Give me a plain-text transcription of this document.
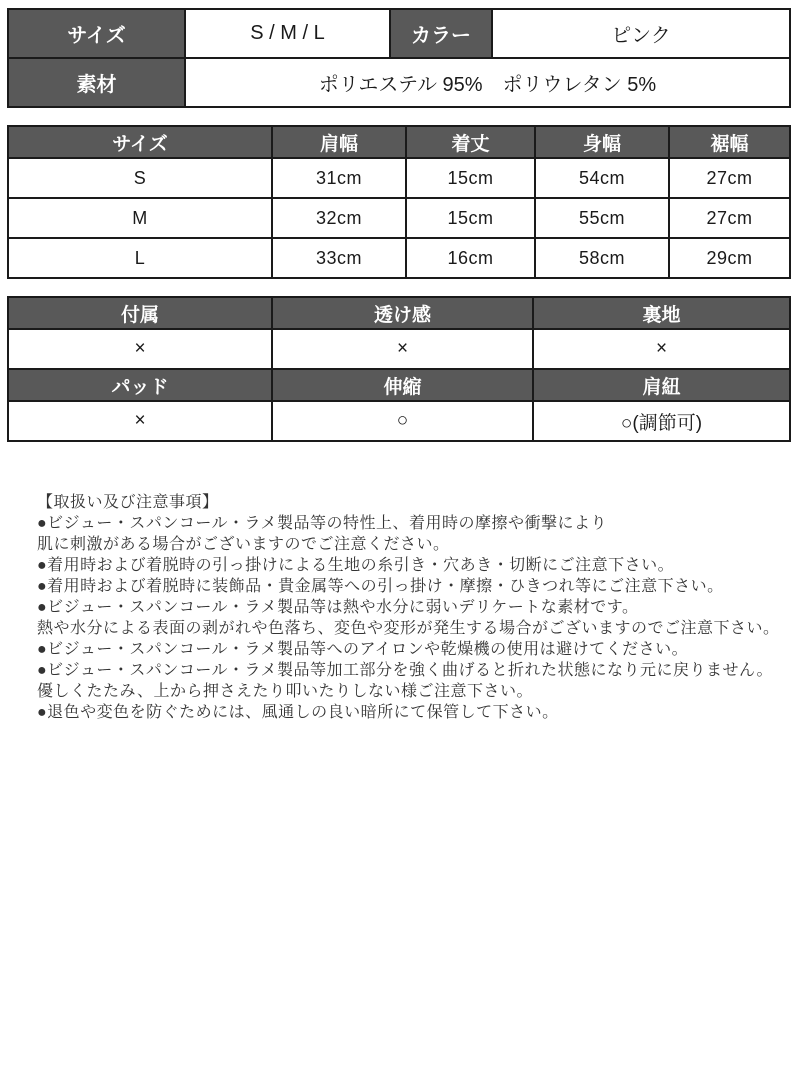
サイズ	S / M / L	カラー	ピンク
素材	ポリエステル 95%　ポリウレタン 5%		
サイズ	肩幅	着丈	身幅	裾幅
S	31cm	15cm	54cm	27cm
M	32cm	15cm	55cm	27cm
L	33cm	16cm	58cm	29cm
付属	透け感	裏地
×	×	×
パッド	伸縮	肩紐
×	○	○(調節可)
【取扱い及び注意事項】
●ビジュー・スパンコール・ラメ製品等の特性上、着用時の摩擦や衝撃により
肌に刺激がある場合がございますのでご注意ください。
●着用時および着脱時の引っ掛けによる生地の糸引き・穴あき・切断にご注意下さい。
●着用時および着脱時に装飾品・貴金属等への引っ掛け・摩擦・ひきつれ等にご注意下さい。
●ビジュー・スパンコール・ラメ製品等は熱や水分に弱いデリケートな素材です。
熱や水分による表面の剥がれや色落ち、変色や変形が発生する場合がございますのでご注意下さい。
●ビジュー・スパンコール・ラメ製品等へのアイロンや乾燥機の使用は避けてください。
●ビジュー・スパンコール・ラメ製品等加工部分を強く曲げると折れた状態になり元に戻りません。
優しくたたみ、上から押さえたり叩いたりしない様ご注意下さい。
●退色や変色を防ぐためには、風通しの良い暗所にて保管して下さい。
